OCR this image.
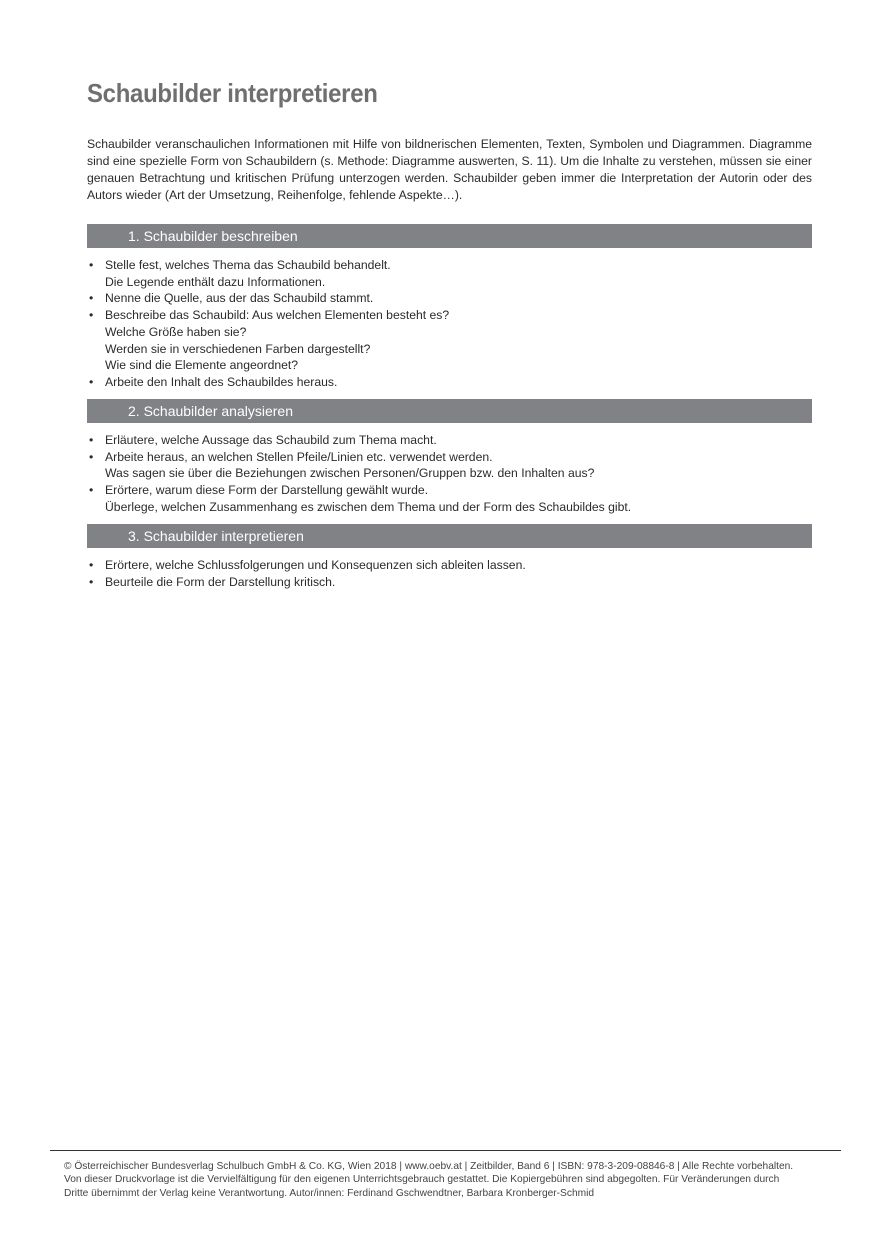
Schaubilder interpretieren

Schaubilder veranschaulichen Informationen mit Hilfe von bildnerischen Elementen, Texten, Symbolen und Diagrammen. Diagramme sind eine spezielle Form von Schaubildern (s. Methode: Diagramme auswerten, S. 11). Um die Inhalte zu verstehen, müssen sie einer genauen Betrachtung und kritischen Prüfung unterzogen werden. Schaubilder geben immer die Interpretation der Autorin oder des Autors wieder (Art der Umsetzung, Reihenfolge, fehlende Aspekte…).

1. Schaubilder beschreiben
• Stelle fest, welches Thema das Schaubild behandelt.
Die Legende enthält dazu Informationen.
• Nenne die Quelle, aus der das Schaubild stammt.
• Beschreibe das Schaubild: Aus welchen Elementen besteht es?
Welche Größe haben sie?
Werden sie in verschiedenen Farben dargestellt?
Wie sind die Elemente angeordnet?
• Arbeite den Inhalt des Schaubildes heraus.
2. Schaubilder analysieren
• Erläutere, welche Aussage das Schaubild zum Thema macht.
• Arbeite heraus, an welchen Stellen Pfeile/Linien etc. verwendet werden.
Was sagen sie über die Beziehungen zwischen Personen/Gruppen bzw. den Inhalten aus?
• Erörtere, warum diese Form der Darstellung gewählt wurde.
Überlege, welchen Zusammenhang es zwischen dem Thema und der Form des Schaubildes gibt.
3. Schaubilder interpretieren
• Erörtere, welche Schlussfolgerungen und Konsequenzen sich ableiten lassen.
• Beurteile die Form der Darstellung kritisch.

© Österreichischer Bundesverlag Schulbuch GmbH & Co. KG, Wien 2018 | www.oebv.at | Zeitbilder, Band 6 | ISBN: 978-3-209-08846-8 | Alle Rechte vorbehalten.
Von dieser Druckvorlage ist die Vervielfältigung für den eigenen Unterrichtsgebrauch gestattet. Die Kopiergebühren sind abgegolten. Für Veränderungen durch
Dritte übernimmt der Verlag keine Verantwortung. Autor/innen: Ferdinand Gschwendtner, Barbara Kronberger-Schmid
